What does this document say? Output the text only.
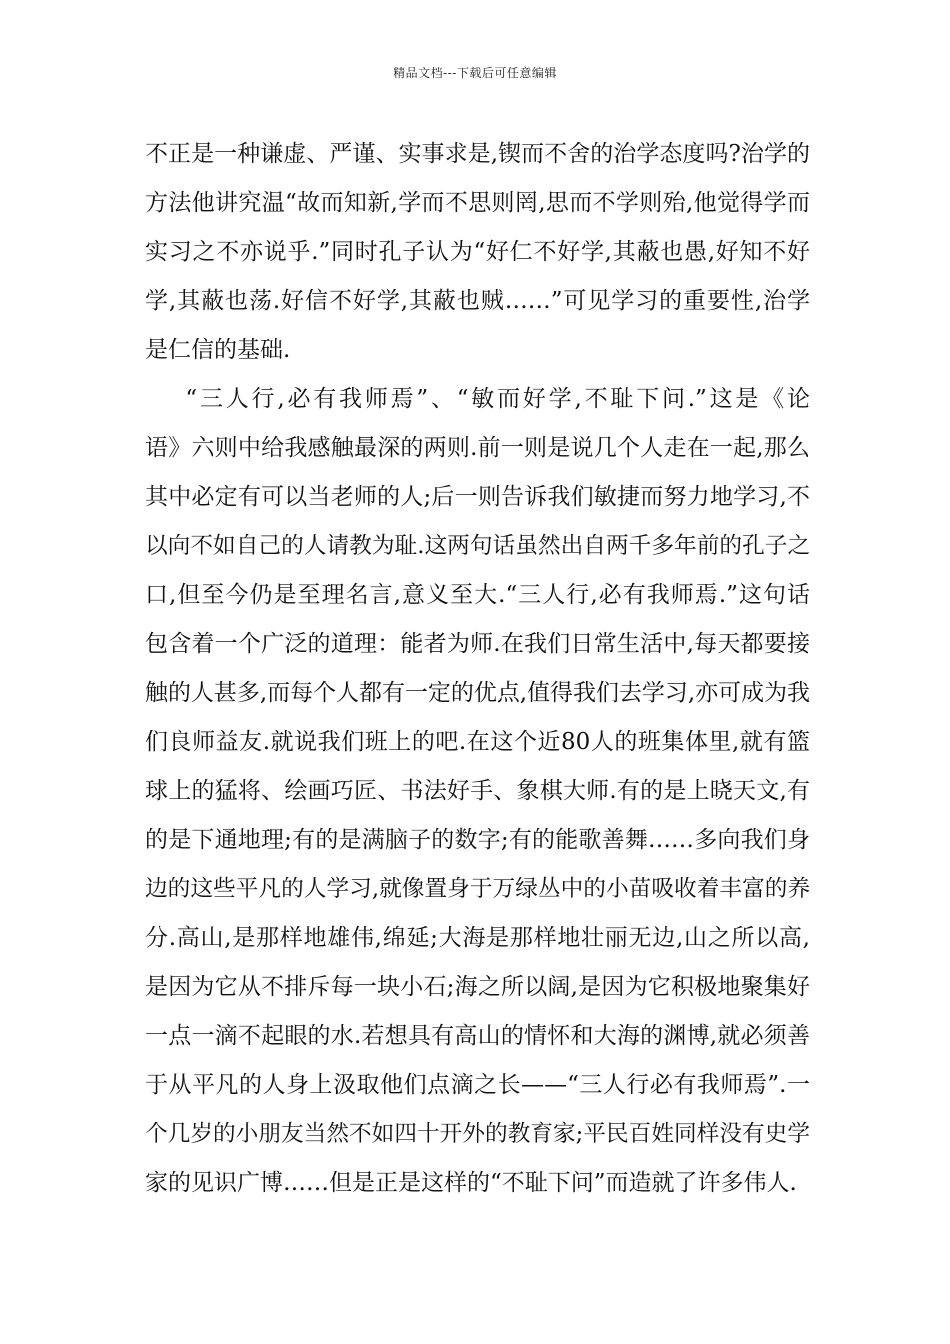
精品文档---下载后可任意编辑
不正是一种谦虚、严谨、实事求是,锲而不舍的治学态度吗?治学的
方法他讲究温“故而知新,学而不思则罔,思而不学则殆,他觉得学而
实习之不亦说乎.”同时孔子认为“好仁不好学,其蔽也愚,好知不好
学,其蔽也荡.好信不好学,其蔽也贼……”可见学习的重要性,治学
是仁信的基础.
“三人行,必有我师焉”、“敏而好学,不耻下问.”这是《论
语》六则中给我感触最深的两则.前一则是说几个人走在一起,那么
其中必定有可以当老师的人;后一则告诉我们敏捷而努力地学习,不
以向不如自己的人请教为耻.这两句话虽然出自两千多年前的孔子之
口,但至今仍是至理名言,意义至大.“三人行,必有我师焉.”这句话
包含着一个广泛的道理：能者为师.在我们日常生活中,每天都要接
触的人甚多,而每个人都有一定的优点,值得我们去学习,亦可成为我
们良师益友.就说我们班上的吧.在这个近80人的班集体里,就有篮
球上的猛将、绘画巧匠、书法好手、象棋大师.有的是上晓天文,有
的是下通地理;有的是满脑子的数字;有的能歌善舞……多向我们身
边的这些平凡的人学习,就像置身于万绿丛中的小苗吸收着丰富的养
分.高山,是那样地雄伟,绵延;大海是那样地壮丽无边,山之所以高,
是因为它从不排斥每一块小石;海之所以阔,是因为它积极地聚集好
一点一滴不起眼的水.若想具有高山的情怀和大海的渊博,就必须善
于从平凡的人身上汲取他们点滴之长——“三人行必有我师焉”.一
个几岁的小朋友当然不如四十开外的教育家;平民百姓同样没有史学
家的见识广博……但是正是这样的“不耻下问”而造就了许多伟人.
